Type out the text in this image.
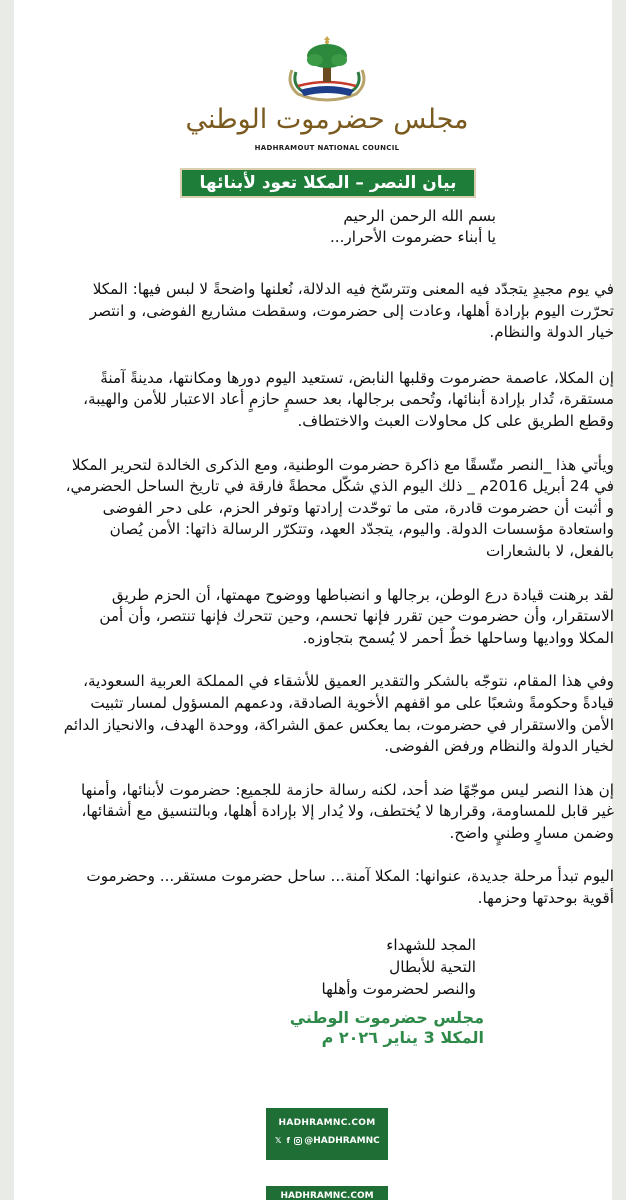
مجلس حضرموت الوطني
HADHRAMOUT NATIONAL COUNCIL
بيان النصر – المكلا تعود لأبنائها
بسم الله الرحمن الرحيم
يا أبناء حضرموت الأحرار...

في يوم مجيدٍ يتجدّد فيه المعنى وتترسّخ فيه الدلالة، نُعلنها واضحةً لا لبس فيها: المكلا تحرّرت اليوم بإرادة أهلها، وعادت إلى حضرموت، وسقطت مشاريع الفوضى، و انتصر خيار الدولة والنظام.

إن المكلا، عاصمة حضرموت وقلبها النابض، تستعيد اليوم دورها ومكانتها، مدينةً آمنةً مستقرة، تُدار بإرادة أبنائها، وتُحمى برجالها، بعد حسمٍ حازمٍ أعاد الاعتبار للأمن والهيبة، وقطع الطريق على كل محاولات العبث والاختطاف.

ويأتي هذا _النصر متّسقًا مع ذاكرة حضرموت الوطنية، ومع الذكرى الخالدة لتحرير المكلا في 24 أبريل 2016م _ ذلك اليوم الذي شكّل محطةً فارقة في تاريخ الساحل الحضرمي، و أثبت أن حضرموت قادرة، متى ما توحّدت إرادتها وتوفر الحزم، على دحر الفوضى واستعادة مؤسسات الدولة. واليوم، يتجدّد العهد، وتتكرّر الرسالة ذاتها: الأمن يُصان بالفعل، لا بالشعارات

لقد برهنت قيادة درع الوطن، برجالها و انضباطها ووضوح مهمتها، أن الحزم طريق الاستقرار، وأن حضرموت حين تقرر فإنها تحسم، وحين تتحرك فإنها تنتصر، وأن أمن المكلا وواديها وساحلها خطٌ أحمر لا يُسمح بتجاوزه.

وفي هذا المقام، نتوجّه بالشكر والتقدير العميق للأشقاء في المملكة العربية السعودية، قيادةً وحكومةً وشعبًا على مو اقفهم الأخوية الصادقة، ودعمهم المسؤول لمسار تثبيت الأمن والاستقرار في حضرموت، بما يعكس عمق الشراكة، ووحدة الهدف، والانحياز الدائم لخيار الدولة والنظام ورفض الفوضى.

إن هذا النصر ليس موجّهًا ضد أحد، لكنه رسالة حازمة للجميع: حضرموت لأبنائها، وأمنها غير قابل للمساومة، وقرارها لا يُختطف، ولا يُدار إلا بإرادة أهلها، وبالتنسيق مع أشقائها، وضمن مسارٍ وطنيٍ واضح.

اليوم تبدأ مرحلة جديدة، عنوانها: المكلا آمنة... ساحل حضرموت مستقر... وحضرموت أقوية بوحدتها وحزمها.

المجد للشهداء
التحية للأبطال
والنصر لحضرموت وأهلها
مجلس حضرموت الوطني
المكلا 3 يناير ٢٠٢٦ م
HADHRAMNC.COM
𝕏 f @HADHRAMNC
HADHRAMNC.COM
